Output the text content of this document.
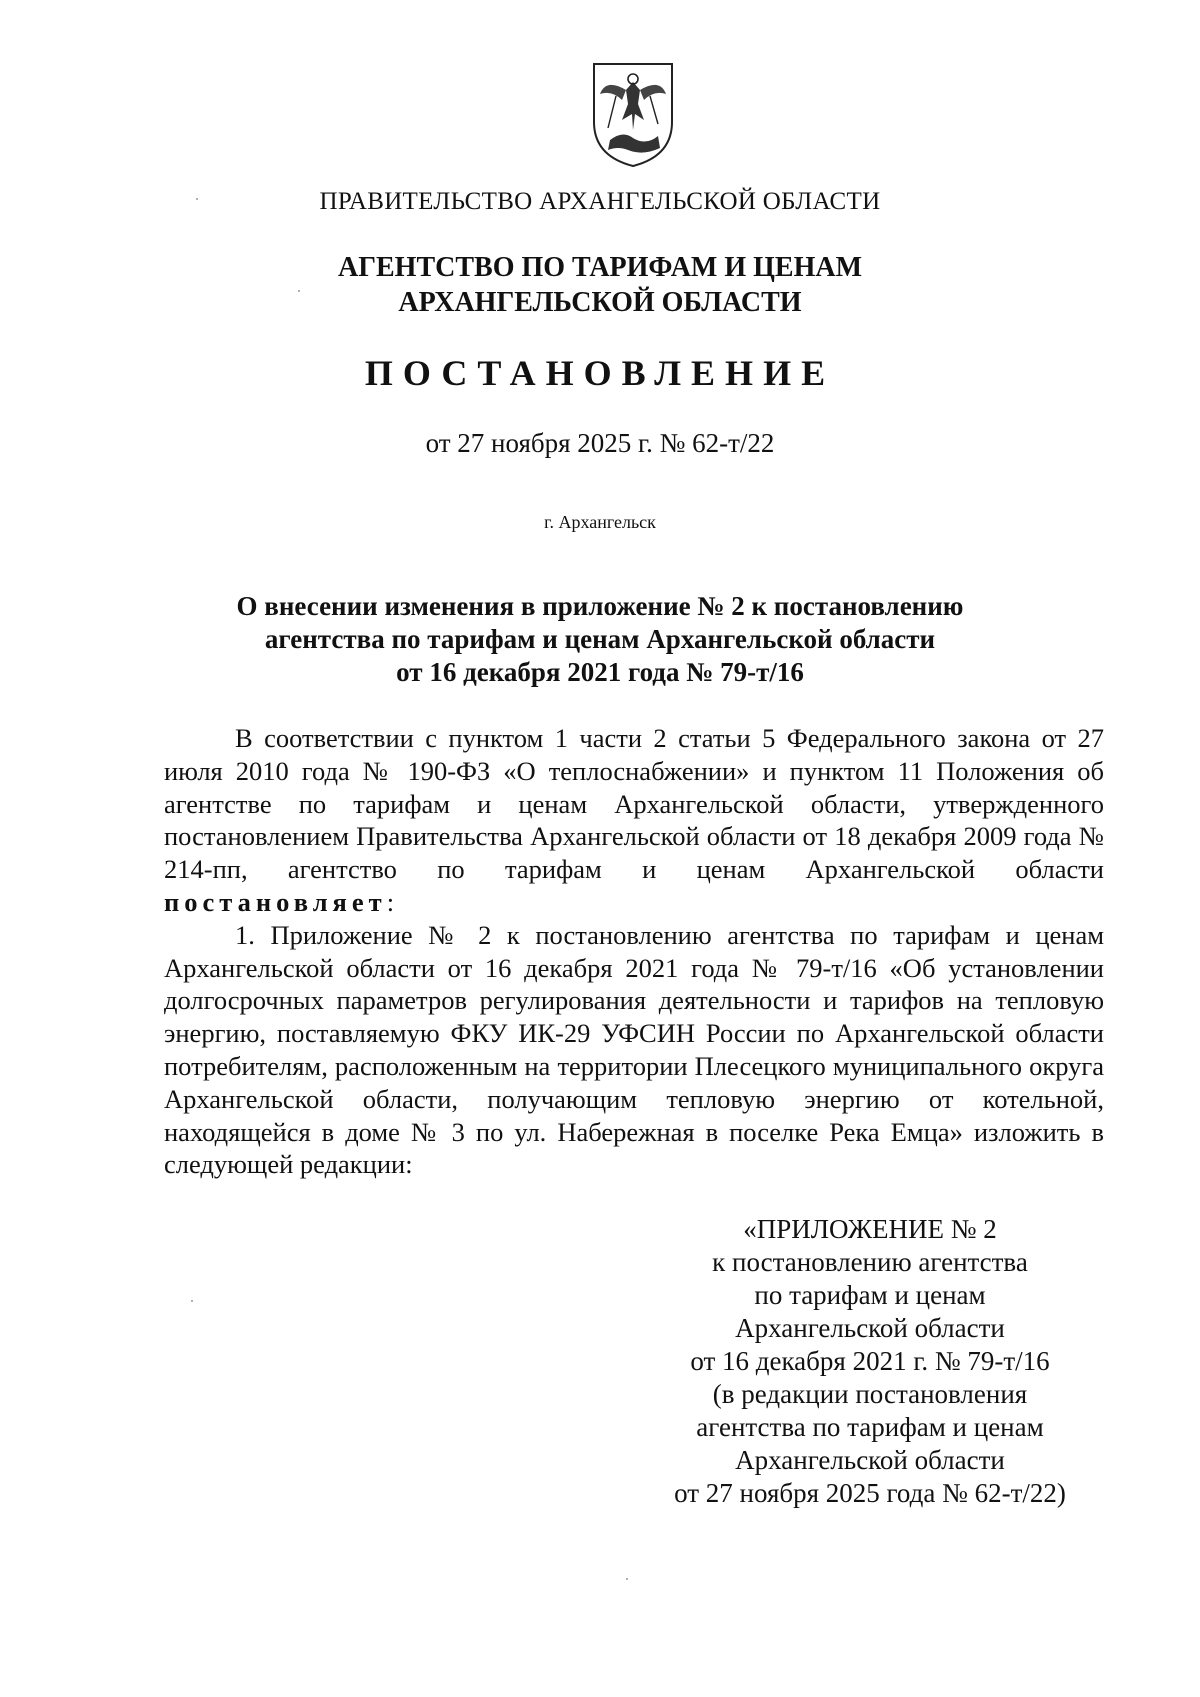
ПРАВИТЕЛЬСТВО АРХАНГЕЛЬСКОЙ ОБЛАСТИ
АГЕНТСТВО ПО ТАРИФАМ И ЦЕНАМ
АРХАНГЕЛЬСКОЙ ОБЛАСТИ
ПОСТАНОВЛЕНИЕ
от 27 ноября 2025 г. № 62-т/22
г. Архангельск
О внесении изменения в приложение № 2 к постановлению
агентства по тарифам и ценам Архангельской области
от 16 декабря 2021 года № 79-т/16

В соответствии с пунктом 1 части 2 статьи 5 Федерального закона от 27 июля 2010 года № 190-ФЗ «О теплоснабжении» и пунктом 11 Положения об агентстве по тарифам и ценам Архангельской области, утвержденного постановлением Правительства Архангельской области от 18 декабря 2009 года № 214-пп, агентство по тарифам и ценам Архангельской области постановляет:

1. Приложение № 2 к постановлению агентства по тарифам и ценам Архангельской области от 16 декабря 2021 года № 79-т/16 «Об установлении долгосрочных параметров регулирования деятельности и тарифов на тепловую энергию, поставляемую ФКУ ИК-29 УФСИН России по Архангельской области потребителям, расположенным на территории Плесецкого муниципального округа Архангельской области, получающим тепловую энергию от котельной, находящейся в доме № 3 по ул. Набережная в поселке Река Емца» изложить в следующей редакции:

«ПРИЛОЖЕНИЕ № 2
к постановлению агентства
по тарифам и ценам
Архангельской области
от 16 декабря 2021 г. № 79-т/16
(в редакции постановления
агентства по тарифам и ценам
Архангельской области
от 27 ноября 2025 года № 62-т/22)
